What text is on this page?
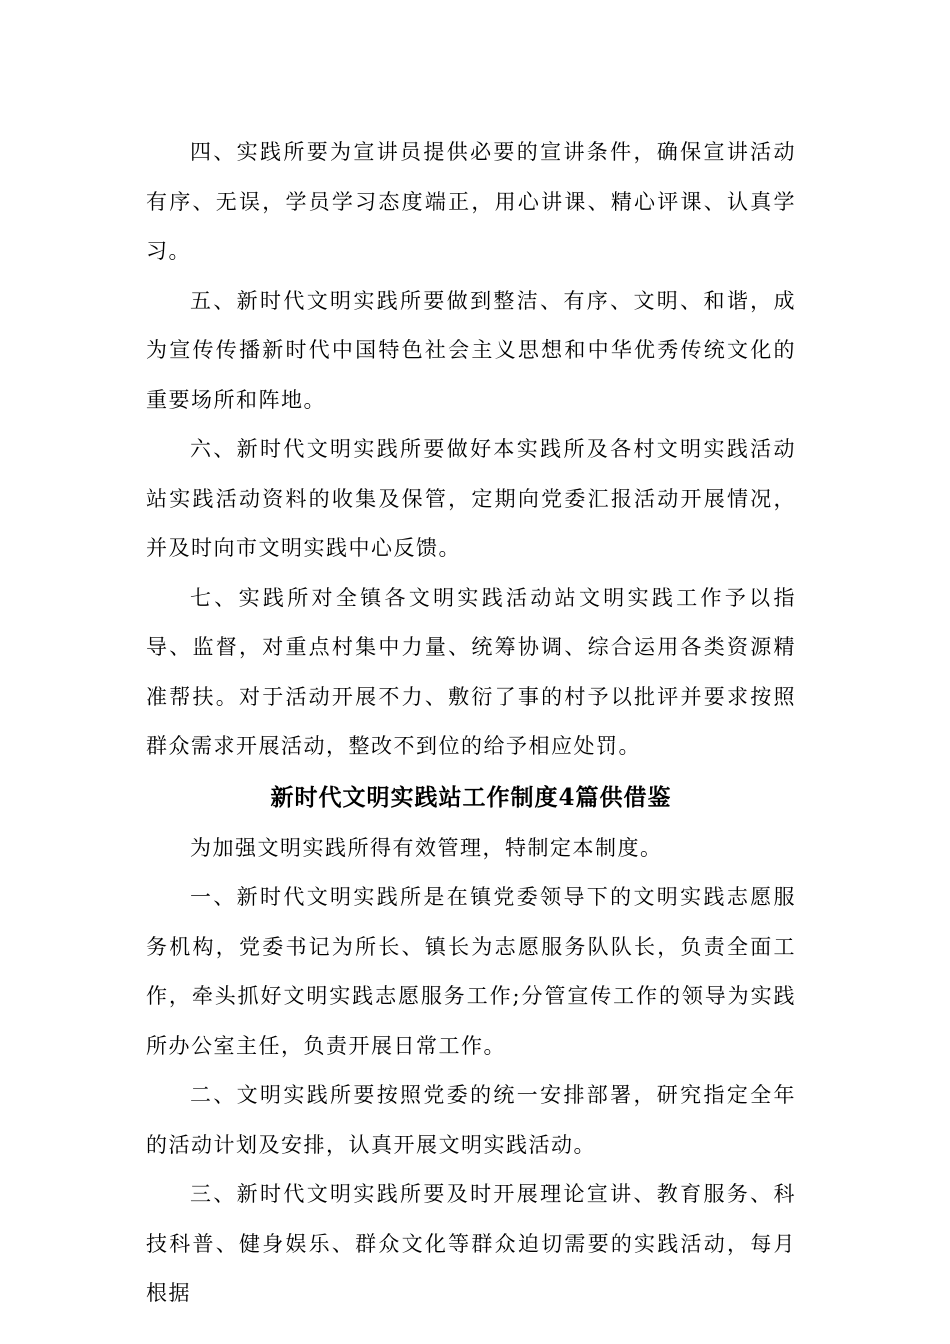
四、实践所要为宣讲员提供必要的宣讲条件，确保宣讲活动有序、无误，学员学习态度端正，用心讲课、精心评课、认真学习。

五、新时代文明实践所要做到整洁、有序、文明、和谐，成为宣传传播新时代中国特色社会主义思想和中华优秀传统文化的重要场所和阵地。

六、新时代文明实践所要做好本实践所及各村文明实践活动站实践活动资料的收集及保管，定期向党委汇报活动开展情况，并及时向市文明实践中心反馈。

七、实践所对全镇各文明实践活动站文明实践工作予以指导、监督，对重点村集中力量、统筹协调、综合运用各类资源精准帮扶。对于活动开展不力、敷衍了事的村予以批评并要求按照群众需求开展活动，整改不到位的给予相应处罚。

新时代文明实践站工作制度4篇供借鉴

为加强文明实践所得有效管理，特制定本制度。

一、新时代文明实践所是在镇党委领导下的文明实践志愿服务机构，党委书记为所长、镇长为志愿服务队队长，负责全面工作，牵头抓好文明实践志愿服务工作;分管宣传工作的领导为实践所办公室主任，负责开展日常工作。

二、文明实践所要按照党委的统一安排部署，研究指定全年的活动计划及安排，认真开展文明实践活动。

三、新时代文明实践所要及时开展理论宣讲、教育服务、科技科普、健身娱乐、群众文化等群众迫切需要的实践活动，每月根据
